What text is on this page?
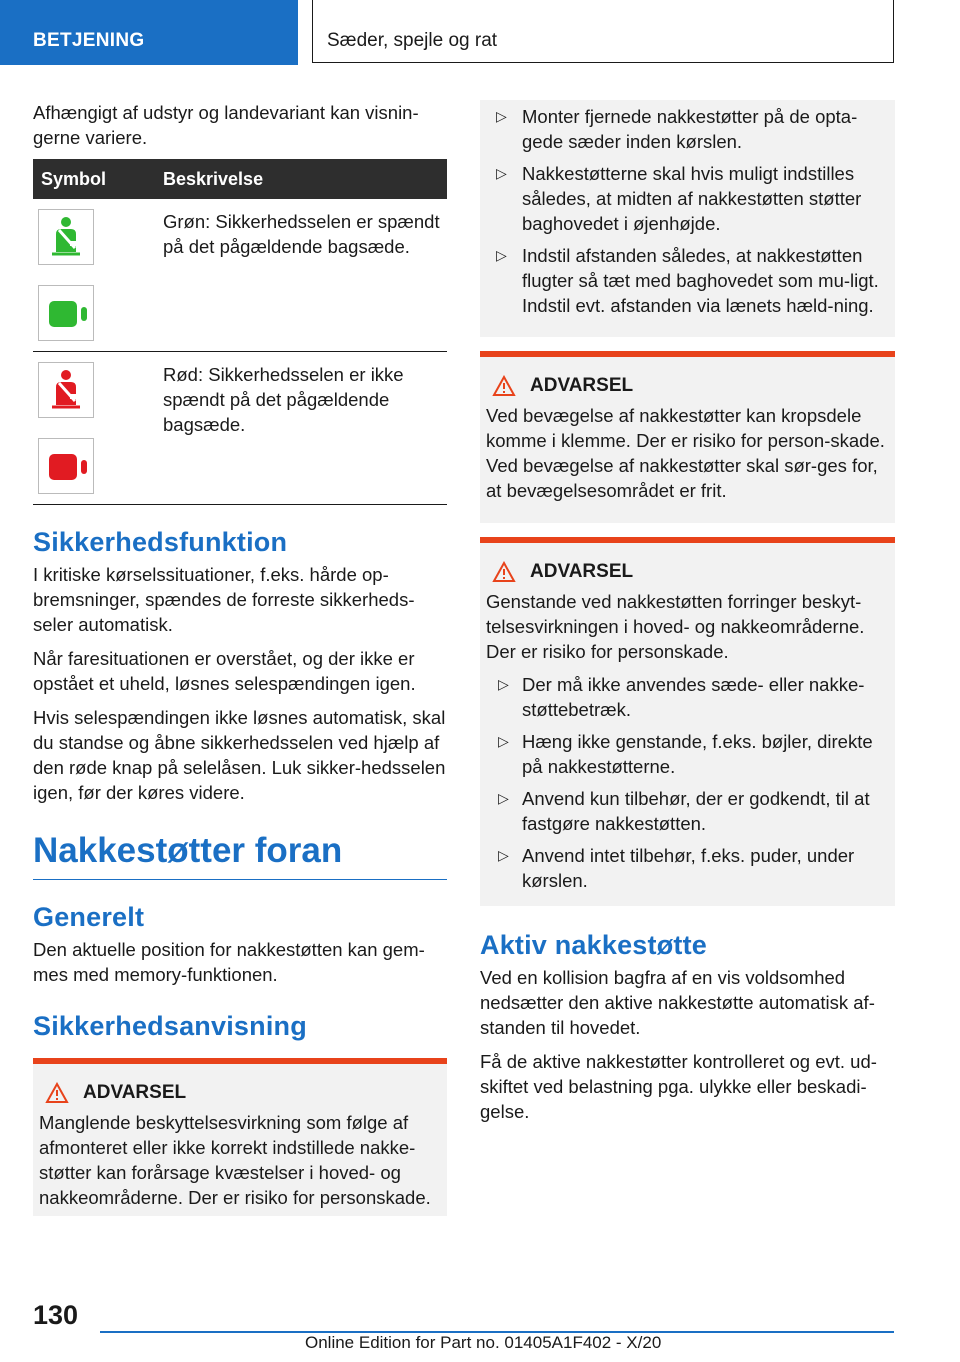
BETJENING	Sæder, spejle og rat

Afhængigt af udstyr og landevariant kan visnin-gerne variere.

Symbol	Beskrivelse

	Grøn: Sikkerhedsselen er spændt på det pågældende bagsæde.

	Rød: Sikkerhedsselen er ikke spændt på det pågældende bagsæde.
Sikkerhedsfunktion

I kritiske kørselssituationer, f.eks. hårde op-bremsninger, spændes de forreste sikkerheds-seler automatisk.

Når faresituationen er overstået, og der ikke er opstået et uheld, løsnes selespændingen igen.

Hvis selespændingen ikke løsnes automatisk, skal du standse og åbne sikkerhedsselen ved hjælp af den røde knap på selelåsen. Luk sikker-hedsselen igen, før der køres videre.

Nakkestøtter foran
Generelt

Den aktuelle position for nakkestøtten kan gem-mes med memory-funktionen.

Sikkerhedsanvisning
ADVARSEL

Manglende beskyttelsesvirkning som følge af afmonteret eller ikke korrekt indstillede nakke-støtter kan forårsage kvæstelser i hoved- og nakkeområderne. Der er risiko for personskade.

▷ Monter fjernede nakkestøtter på de opta-gede sæder inden kørslen.
▷ Nakkestøtterne skal hvis muligt indstilles således, at midten af nakkestøtten støtter baghovedet i øjenhøjde.
▷ Indstil afstanden således, at nakkestøtten flugter så tæt med baghovedet som mu-ligt. Indstil evt. afstanden via lænets hæld-ning.
ADVARSEL

Ved bevægelse af nakkestøtter kan kropsdele komme i klemme. Der er risiko for person-skade. Ved bevægelse af nakkestøtter skal sør-ges for, at bevægelsesområdet er frit.

ADVARSEL

Genstande ved nakkestøtten forringer beskyt-telsesvirkningen i hoved- og nakkeområderne. Der er risiko for personskade.

▷ Der må ikke anvendes sæde- eller nakke-støttebetræk.
▷ Hæng ikke genstande, f.eks. bøjler, direkte på nakkestøtterne.
▷ Anvend kun tilbehør, der er godkendt, til at fastgøre nakkestøtten.
▷ Anvend intet tilbehør, f.eks. puder, under kørslen.
Aktiv nakkestøtte

Ved en kollision bagfra af en vis voldsomhed nedsætter den aktive nakkestøtte automatisk af-standen til hovedet.

Få de aktive nakkestøtter kontrolleret og evt. ud-skiftet ved belastning pga. ulykke eller beskadi-gelse.

130
Online Edition for Part no. 01405A1F402 - X/20
